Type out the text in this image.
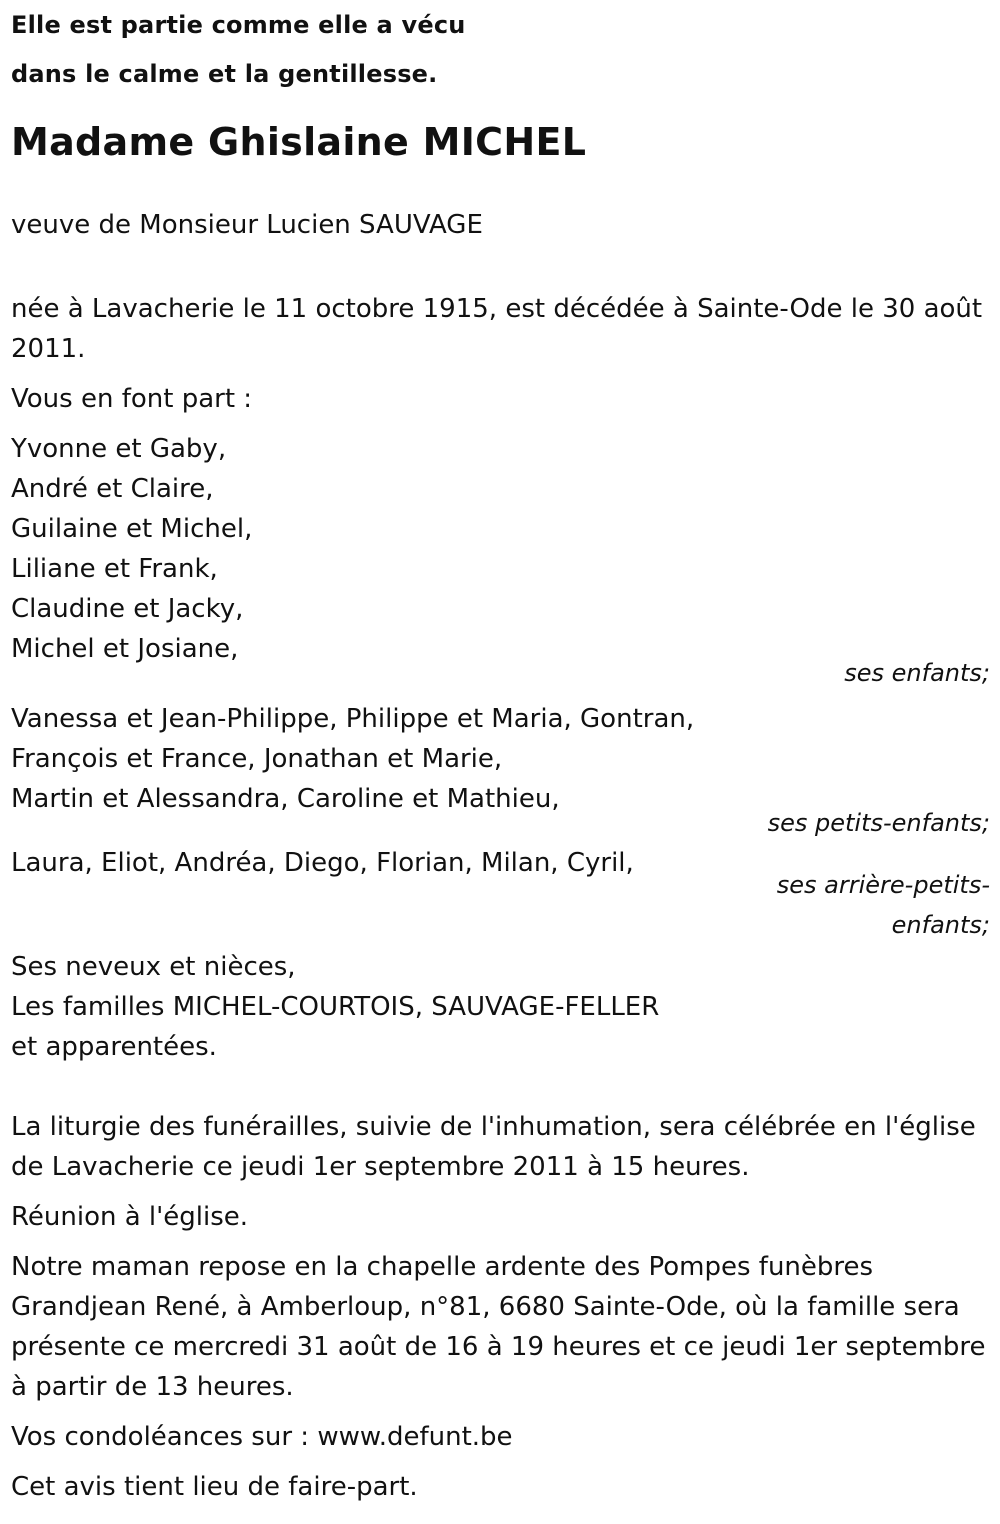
Elle est partie comme elle a vécu

dans le calme et la gentillesse.

Madame Ghislaine MICHEL

veuve de Monsieur Lucien SAUVAGE

née à Lavacherie le 11 octobre 1915, est décédée à Sainte-Ode le 30 août 2011.

Vous en font part :

Yvonne et Gaby,

André et Claire,

Guilaine et Michel,

Liliane et Frank,

Claudine et Jacky,

Michel et Josiane,

ses enfants;

Vanessa et Jean-Philippe, Philippe et Maria, Gontran,

François et France, Jonathan et Marie,

Martin et Alessandra, Caroline et Mathieu,

ses petits-enfants;

Laura, Eliot, Andréa, Diego, Florian, Milan, Cyril,

ses arrière-petits-enfants;

Ses neveux et nièces,

Les familles MICHEL-COURTOIS, SAUVAGE-FELLER

et apparentées.

La liturgie des funérailles, suivie de l'inhumation, sera célébrée en l'église de Lavacherie ce jeudi 1er septembre 2011 à 15 heures.

Réunion à l'église.

Notre maman repose en la chapelle ardente des Pompes funèbres Grandjean René, à Amberloup, n°81, 6680 Sainte-Ode, où la famille sera présente ce mercredi 31 août de 16 à 19 heures et ce jeudi 1er septembre à partir de 13 heures.

Vos condoléances sur : www.defunt.be

Cet avis tient lieu de faire-part.
